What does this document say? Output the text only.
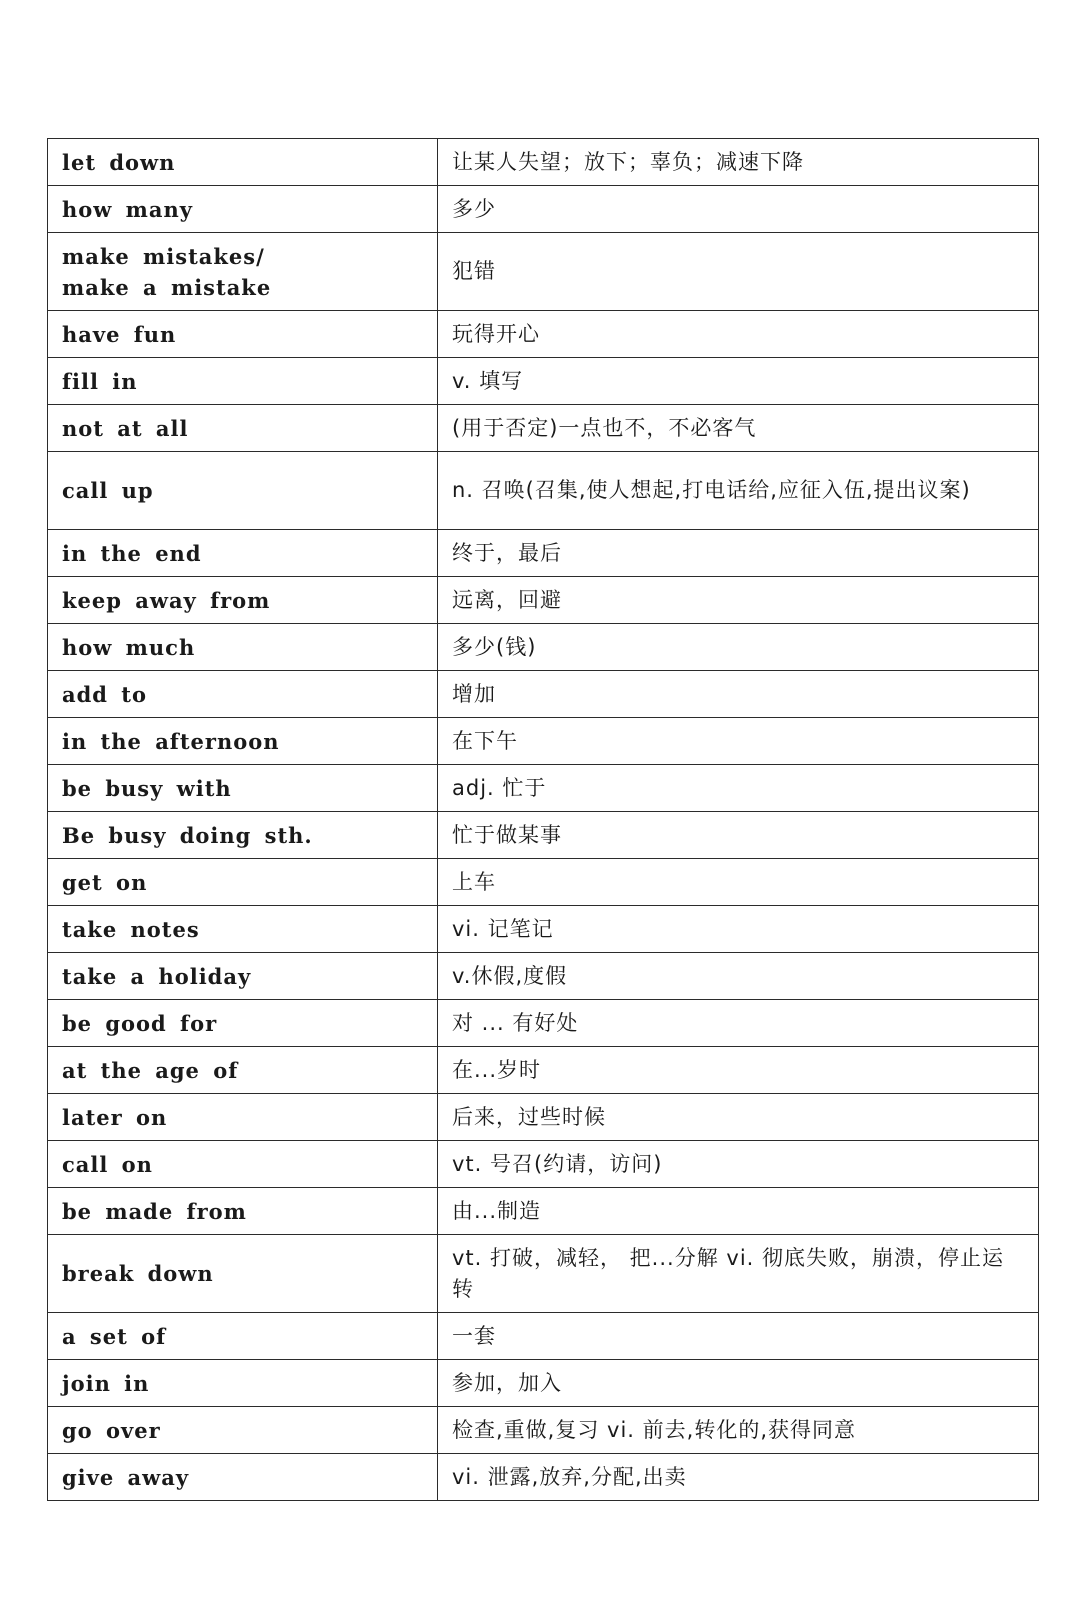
let down	让某人失望；放下；辜负；减速下降
how many	多少

make mistakes/
make a mistake	犯错
have fun	玩得开心
fill in	v. 填写
not at all	(用于否定)一点也不，不必客气
call up	n. 召唤(召集,使人想起,打电话给,应征入伍,提出议案)
in the end	终于，最后
keep away from	远离，回避
how much	多少(钱)
add to	增加
in the afternoon	在下午
be busy with	adj. 忙于
Be busy doing sth.	忙于做某事
get on	上车
take notes	vi. 记笔记
take a holiday	v.休假,度假
be good for	对 ... 有好处
at the age of	在...岁时
later on	后来，过些时候
call on	vt. 号召(约请，访问)
be made from	由...制造
break down	vt. 打破，减轻， 把...分解 vi. 彻底失败，崩溃，停止运转
a set of	一套
join in	参加，加入
go over	检查,重做,复习 vi. 前去,转化的,获得同意
give away	vi. 泄露,放弃,分配,出卖
